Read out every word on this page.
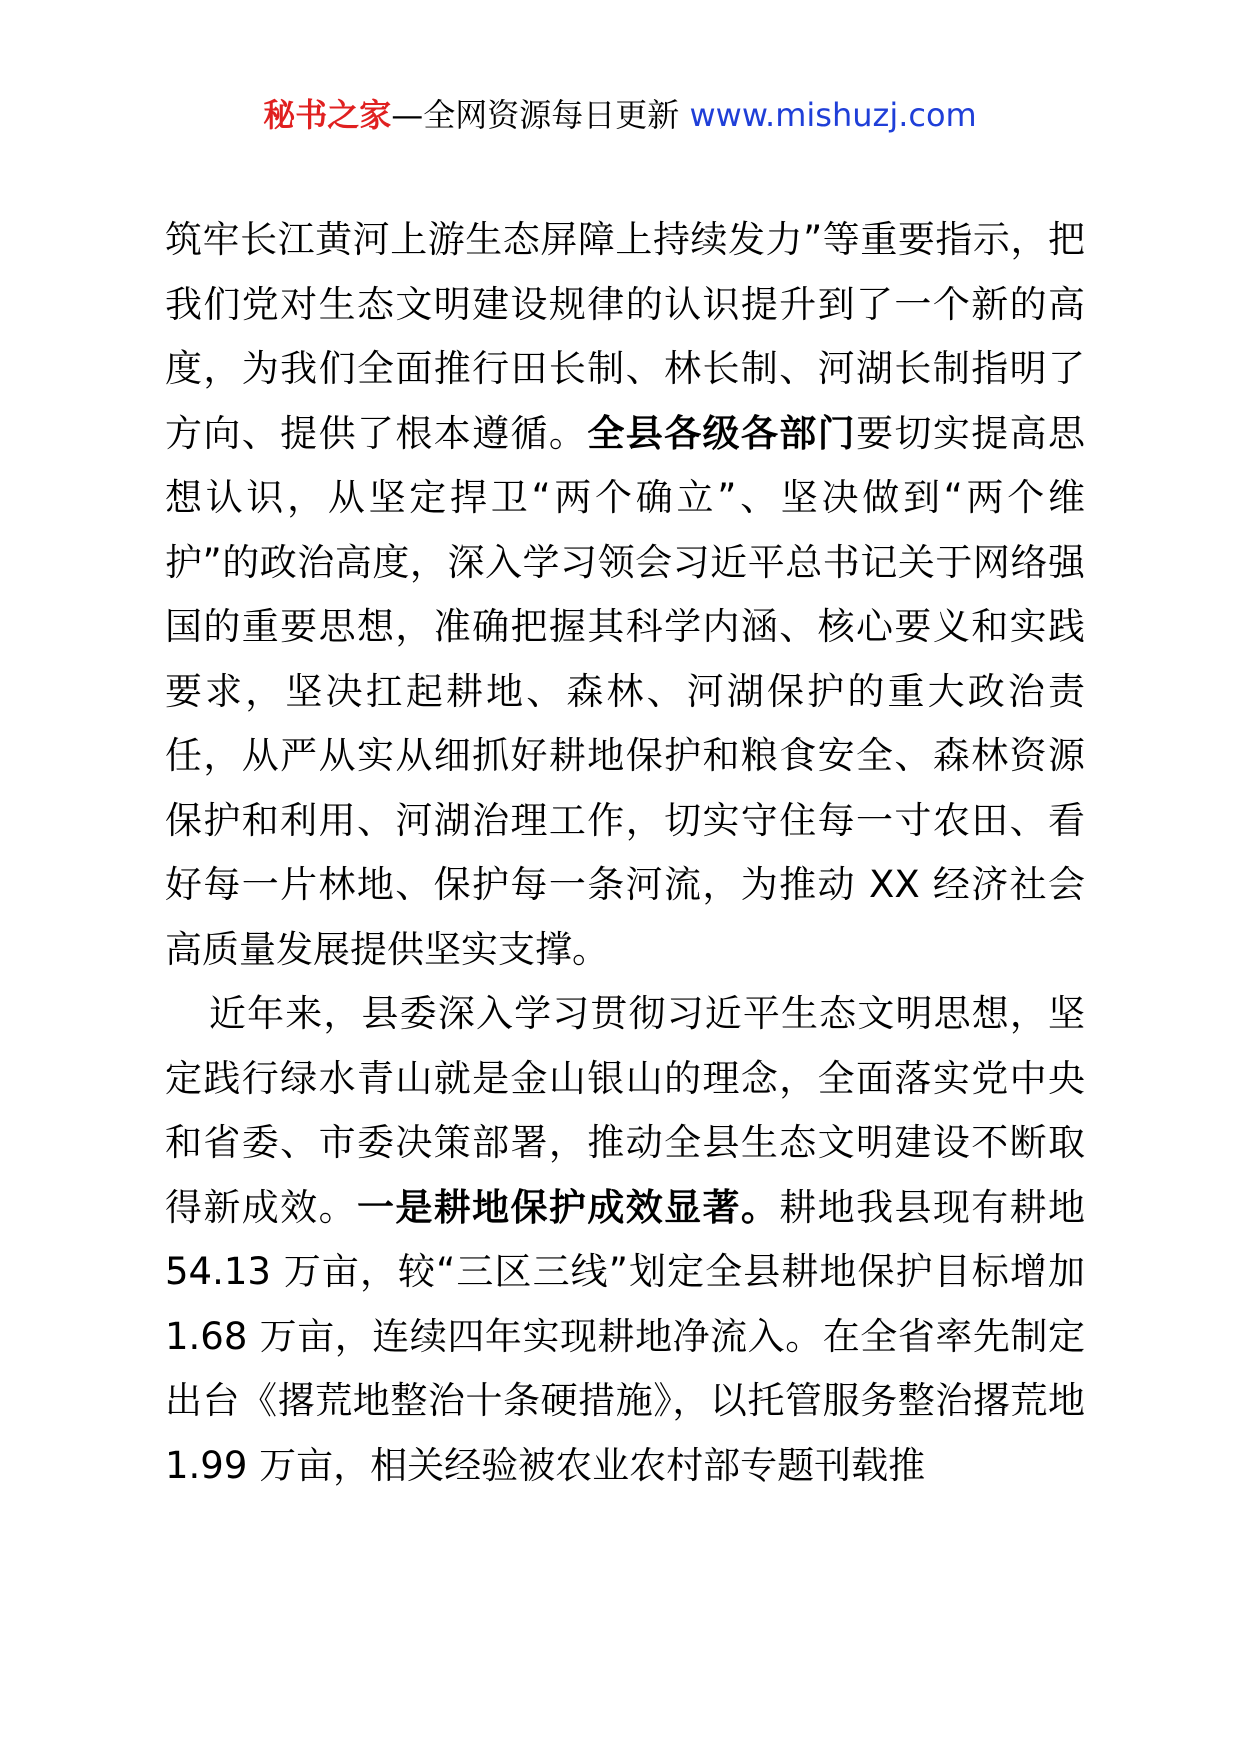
秘书之家—全网资源每日更新 www.mishuzj.com

筑牢长江黄河上游生态屏障上持续发力”等重要指示，把我们党对生态文明建设规律的认识提升到了一个新的高度，为我们全面推行田长制、林长制、河湖长制指明了方向、提供了根本遵循。全县各级各部门要切实提高思想认识，从坚定捍卫“两个确立”、坚决做到“两个维护”的政治高度，深入学习领会习近平总书记关于网络强国的重要思想，准确把握其科学内涵、核心要义和实践要求，坚决扛起耕地、森林、河湖保护的重大政治责任，从严从实从细抓好耕地保护和粮食安全、森林资源保护和利用、河湖治理工作，切实守住每一寸农田、看好每一片林地、保护每一条河流，为推动 XX 经济社会高质量发展提供坚实支撑。

近年来，县委深入学习贯彻习近平生态文明思想，坚定践行绿水青山就是金山银山的理念，全面落实党中央和省委、市委决策部署，推动全县生态文明建设不断取得新成效。一是耕地保护成效显著。耕地我县现有耕地 54.13 万亩，较“三区三线”划定全县耕地保护目标增加 1.68 万亩，连续四年实现耕地净流入。在全省率先制定出台《撂荒地整治十条硬措施》，以托管服务整治撂荒地 1.99 万亩，相关经验被农业农村部专题刊载推
